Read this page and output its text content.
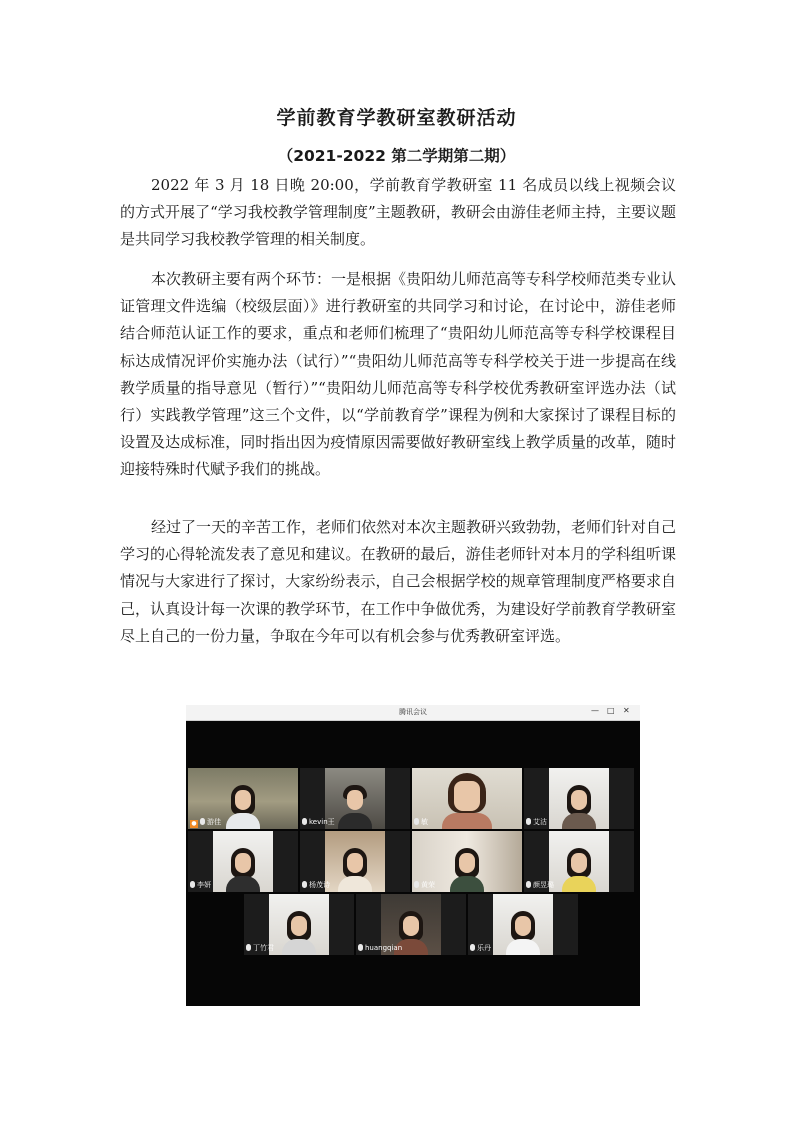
学前教育学教研室教研活动
（2021-2022 第二学期第二期）

2022 年 3 月 18 日晚 20:00，学前教育学教研室 11 名成员以线上视频会议的方式开展了“学习我校教学管理制度”主题教研，教研会由游佳老师主持，主要议题是共同学习我校教学管理的相关制度。

本次教研主要有两个环节：一是根据《贵阳幼儿师范高等专科学校师范类专业认证管理文件选编（校级层面）》进行教研室的共同学习和讨论，在讨论中，游佳老师结合师范认证工作的要求，重点和老师们梳理了“贵阳幼儿师范高等专科学校课程目标达成情况评价实施办法（试行）”“贵阳幼儿师范高等专科学校关于进一步提高在线教学质量的指导意见（暂行）”“贵阳幼儿师范高等专科学校优秀教研室评选办法（试行）实践教学管理”这三个文件，以“学前教育学”课程为例和大家探讨了课程目标的设置及达成标准，同时指出因为疫情原因需要做好教研室线上教学质量的改革，随时迎接特殊时代赋予我们的挑战。

经过了一天的辛苦工作，老师们依然对本次主题教研兴致勃勃，老师们针对自己学习的心得轮流发表了意见和建议。在教研的最后，游佳老师针对本月的学科组听课情况与大家进行了探讨，大家纷纷表示，自己会根据学校的规章管理制度严格要求自己，认真设计每一次课的教学环节，在工作中争做优秀，为建设好学前教育学教研室尽上自己的一份力量，争取在今年可以有机会参与优秀教研室评选。

腾讯会议	— □ ✕
● 游佳	kevin王	敏	艾沽
李妍	杨茂诗	黄荣	颜昱璐
丁竹君	huangqian	乐丹
